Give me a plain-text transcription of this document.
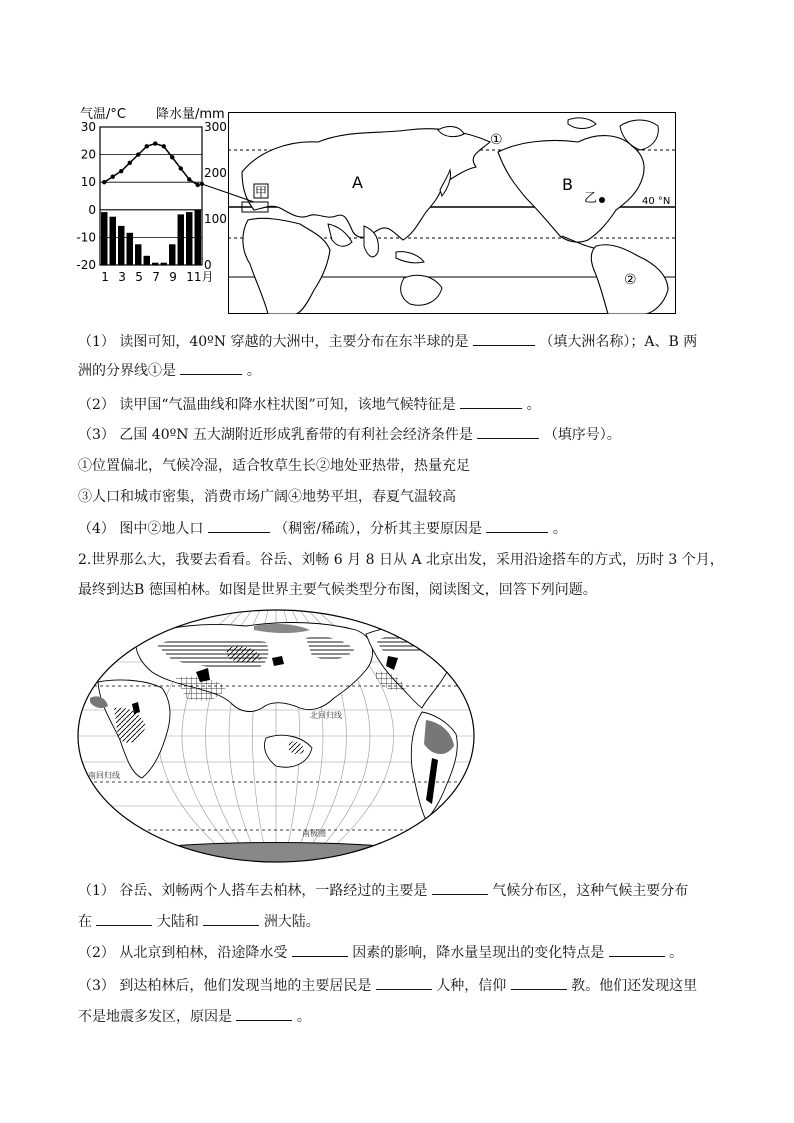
气温/°C 降水量/mm
30
20
10
0
-10
-20
300
200
100
0
1 3 5 7 9 11月
A	B
①
②
乙	40 °N
甲
（1） 读图可知，40ºN 穿越的大洲中，主要分布在东半球的是	（填大洲名称）；A、B 两
洲的分界线①是	。
（2） 读甲国“气温曲线和降水柱状图”可知，该地气候特征是	。
（3） 乙国 40ºN 五大湖附近形成乳畜带的有利社会经济条件是	（填序号）。
①位置偏北，气候冷湿，适合牧草生长②地处亚热带，热量充足
③人口和城市密集，消费市场广阔④地势平坦，春夏气温较高
（4） 图中②地人口	（稠密/稀疏），分析其主要原因是	。
2.世界那么大，我要去看看。谷岳、刘畅 6 月 8 日从 A 北京出发，采用沿途搭车的方式，历时 3 个月，
最终到达B 德国柏林。如图是世界主要气候类型分布图，阅读图文，回答下列问题。
北回归线
南回归线
南极圈
（1） 谷岳、刘畅两个人搭车去柏林，一路经过的主要是	气候分布区，这种气候主要分布
在	大陆和	洲大陆。
（2） 从北京到柏林，沿途降水受	因素的影响，降水量呈现出的变化特点是	。
（3） 到达柏林后，他们发现当地的主要居民是	人种，信仰	教。他们还发现这里
不是地震多发区，原因是	。
